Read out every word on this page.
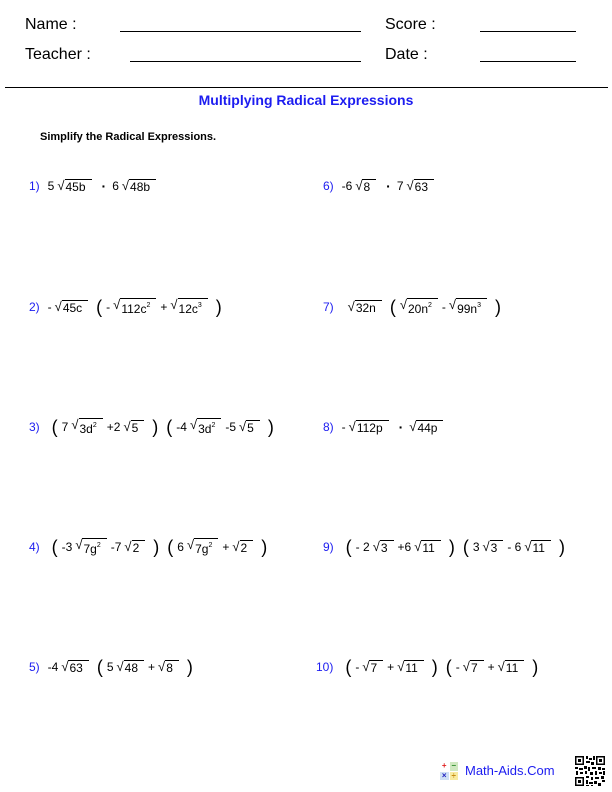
Name :	Score :
Teacher :	Date :
Multiplying Radical Expressions
Simplify the Radical Expressions.
1) 5 √ 45b	· 6 √ 48b	6) -6 √ 8	· 7 √ 63
2) - √ 45c ( - √ $112c^2$ + √ $12c^3$ )	7) √ 32n ( √ $20n^2$ - √ $99n^3$ )
3) ( 7 √ $3d^2 +2$ √ 5 ) ( -4 √ $3d^2$ -5 √ 5 )	8) - √ 112p	· √ 44p
4) ( -3 √ $7g^2$ -7 √ 2 ) ( 6 √ $7g^2$ + √ 2 )	9) ( - 2 √ 3 +6 √ 11 ) ( 3 √ 3 - 6 √ 11 )
5) -4 √ 63 ( 5 √ 48 + √ 8 )	10) ( - √ 7 + √ 11 ) ( - √ 7 + √ 11 )
+ −
× ÷ Math-Aids.Com
